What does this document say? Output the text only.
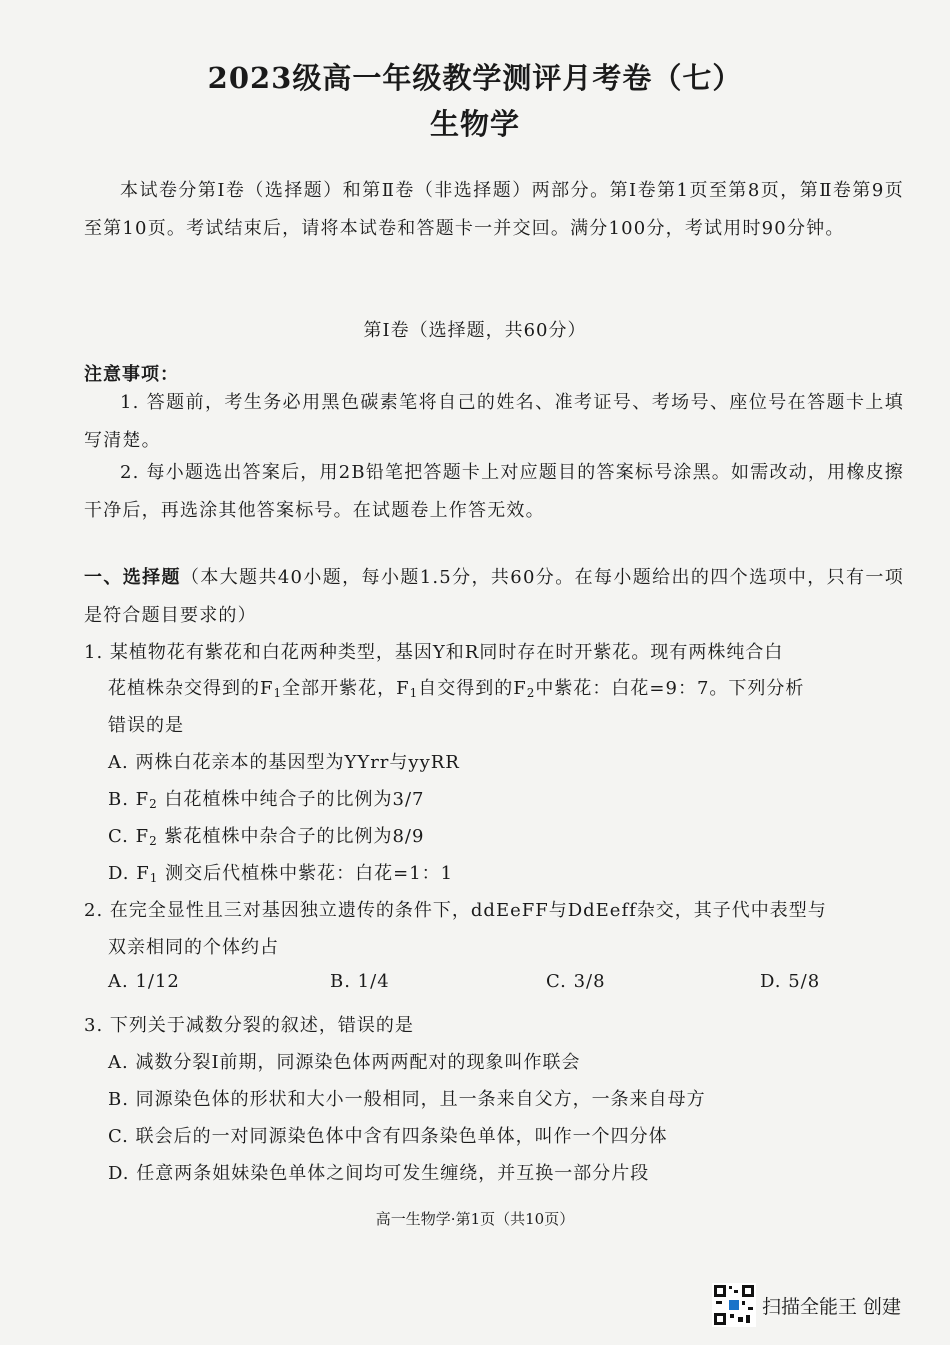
2023级高一年级教学测评月考卷（七）
生物学
本试卷分第Ⅰ卷（选择题）和第Ⅱ卷（非选择题）两部分。第Ⅰ卷第1页至第8页，第Ⅱ卷第9页至第10页。考试结束后，请将本试卷和答题卡一并交回。满分100分，考试用时90分钟。
第Ⅰ卷（选择题，共60分）
注意事项：
1. 答题前，考生务必用黑色碳素笔将自己的姓名、准考证号、考场号、座位号在答题卡上填写清楚。
2. 每小题选出答案后，用2B铅笔把答题卡上对应题目的答案标号涂黑。如需改动，用橡皮擦干净后，再选涂其他答案标号。在试题卷上作答无效。
一、选择题（本大题共40小题，每小题1.5分，共60分。在每小题给出的四个选项中，只有一项是符合题目要求的）
1. 某植物花有紫花和白花两种类型，基因Y和R同时存在时开紫花。现有两株纯合白
花植株杂交得到的$F_1$全部开紫花，$F_1$自交得到的$F_2$中紫花：白花=9：7。下列分析
错误的是
A. 两株白花亲本的基因型为YYrr与yyRR
B. $F_2$ 白花植株中纯合子的比例为3/7
C. $F_2$ 紫花植株中杂合子的比例为8/9
D. $F_1$ 测交后代植株中紫花：白花=1：1
2. 在完全显性且三对基因独立遗传的条件下，ddEeFF与DdEeff杂交，其子代中表型与
双亲相同的个体约占
A. 1/12	B. 1/4	C. 3/8	D. 5/8
3. 下列关于减数分裂的叙述，错误的是
A. 减数分裂Ⅰ前期，同源染色体两两配对的现象叫作联会
B. 同源染色体的形状和大小一般相同，且一条来自父方，一条来自母方
C. 联会后的一对同源染色体中含有四条染色单体，叫作一个四分体
D. 任意两条姐妹染色单体之间均可发生缠绕，并互换一部分片段
高一生物学·第1页（共10页）
扫描全能王 创建
